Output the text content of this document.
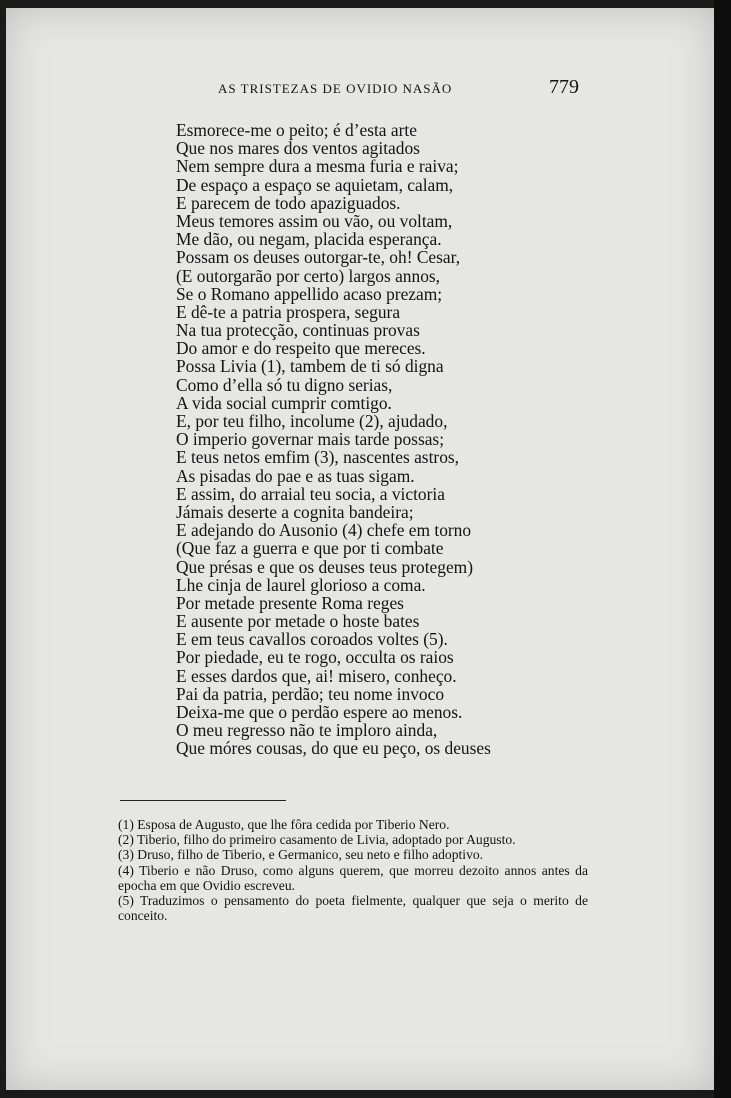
AS TRISTEZAS DE OVIDIO NASÃO	779
Esmorece-me o peito; é d’esta arte
Que nos mares dos ventos agitados
Nem sempre dura a mesma furia e raiva;
De espaço a espaço se aquietam, calam,
E parecem de todo apaziguados.
Meus temores assim ou vão, ou voltam,
Me dão, ou negam, placida esperança.
Possam os deuses outorgar-te, oh! Cesar,
(E outorgarão por certo) largos annos,
Se o Romano appellido acaso prezam;
E dê-te a patria prospera, segura
Na tua protecção, continuas provas
Do amor e do respeito que mereces.
Possa Livia (1), tambem de ti só digna
Como d’ella só tu digno serias,
A vida social cumprir comtigo.
E, por teu filho, incolume (2), ajudado,
O imperio governar mais tarde possas;
E teus netos emfim (3), nascentes astros,
As pisadas do pae e as tuas sigam.
E assim, do arraial teu socia, a victoria
Jámais deserte a cognita bandeira;
E adejando do Ausonio (4) chefe em torno
(Que faz a guerra e que por ti combate
Que présas e que os deuses teus protegem)
Lhe cinja de laurel glorioso a coma.
Por metade presente Roma reges
E ausente por metade o hoste bates
E em teus cavallos coroados voltes (5).
Por piedade, eu te rogo, occulta os raios
E esses dardos que, ai! misero, conheço.
Pai da patria, perdão; teu nome invoco
Deixa-me que o perdão espere ao menos.
O meu regresso não te imploro ainda,
Que móres cousas, do que eu peço, os deuses

(1) Esposa de Augusto, que lhe fôra cedida por Tiberio Nero.

(2) Tiberio, filho do primeiro casamento de Livia, adoptado por Augusto.

(3) Druso, filho de Tiberio, e Germanico, seu neto e filho adoptivo.

(4) Tiberio e não Druso, como alguns querem, que morreu dezoito annos antes da epocha em que Ovidio escreveu.

(5) Traduzimos o pensamento do poeta fielmente, qualquer que seja o merito de conceito.
